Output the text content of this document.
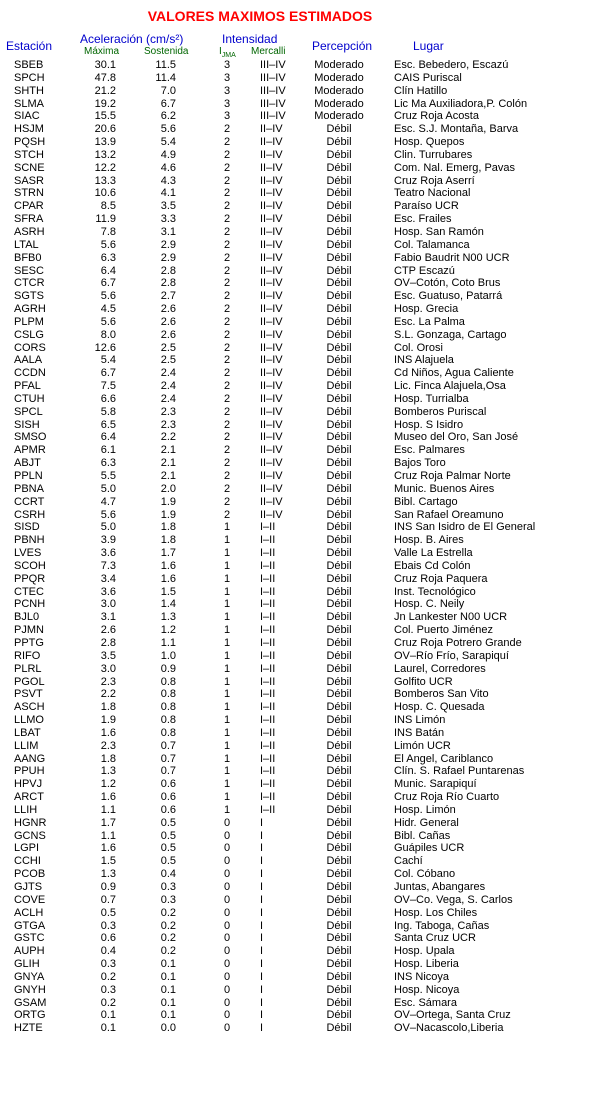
VALORES MAXIMOS ESTIMADOS
Estación Aceleración (cm/s²)
Máxima Sostenida
Intensidad
$I_{JMA}$ Mercalli Percepción	Lugar
SBEB	30.1	11.5	3	III–IV	Moderado	Esc. Bebedero, Escazú
SPCH	47.8	11.4	3	III–IV	Moderado	CAIS Puriscal
SHTH	21.2	7.0	3	III–IV	Moderado	Clín Hatillo
SLMA	19.2	6.7	3	III–IV	Moderado	Lic Ma Auxiliadora,P. Colón
SIAC	15.5	6.2	3	III–IV	Moderado	Cruz Roja Acosta
HSJM	20.6	5.6	2	II–IV	Débil	Esc. S.J. Montaña, Barva
PQSH	13.9	5.4	2	II–IV	Débil	Hosp. Quepos
STCH	13.2	4.9	2	II–IV	Débil	Clin. Turrubares
SCNE	12.2	4.6	2	II–IV	Débil	Com. Nal. Emerg, Pavas
SASR	13.3	4.3	2	II–IV	Débil	Cruz Roja Aserrí
STRN	10.6	4.1	2	II–IV	Débil	Teatro Nacional
CPAR	8.5	3.5	2	II–IV	Débil	Paraíso UCR
SFRA	11.9	3.3	2	II–IV	Débil	Esc. Frailes
ASRH	7.8	3.1	2	II–IV	Débil	Hosp. San Ramón
LTAL	5.6	2.9	2	II–IV	Débil	Col. Talamanca
BFB0	6.3	2.9	2	II–IV	Débil	Fabio Baudrit N00 UCR
SESC	6.4	2.8	2	II–IV	Débil	CTP Escazú
CTCR	6.7	2.8	2	II–IV	Débil	OV–Cotón, Coto Brus
SGTS	5.6	2.7	2	II–IV	Débil	Esc. Guatuso, Patarrá
AGRH	4.5	2.6	2	II–IV	Débil	Hosp. Grecia
PLPM	5.6	2.6	2	II–IV	Débil	Esc. La Palma
CSLG	8.0	2.6	2	II–IV	Débil	S.L. Gonzaga, Cartago
CORS	12.6	2.5	2	II–IV	Débil	Col. Orosi
AALA	5.4	2.5	2	II–IV	Débil	INS Alajuela
CCDN	6.7	2.4	2	II–IV	Débil	Cd Niños, Agua Caliente
PFAL	7.5	2.4	2	II–IV	Débil	Lic. Finca Alajuela,Osa
CTUH	6.6	2.4	2	II–IV	Débil	Hosp. Turrialba
SPCL	5.8	2.3	2	II–IV	Débil	Bomberos Puriscal
SISH	6.5	2.3	2	II–IV	Débil	Hosp. S Isidro
SMSO	6.4	2.2	2	II–IV	Débil	Museo del Oro, San José
APMR	6.1	2.1	2	II–IV	Débil	Esc. Palmares
ABJT	6.3	2.1	2	II–IV	Débil	Bajos Toro
PPLN	5.5	2.1	2	II–IV	Débil	Cruz Roja Palmar Norte
PBNA	5.0	2.0	2	II–IV	Débil	Munic. Buenos Aires
CCRT	4.7	1.9	2	II–IV	Débil	Bibl. Cartago
CSRH	5.6	1.9	2	II–IV	Débil	San Rafael Oreamuno
SISD	5.0	1.8	1	I–II	Débil	INS San Isidro de El General
PBNH	3.9	1.8	1	I–II	Débil	Hosp. B. Aires
LVES	3.6	1.7	1	I–II	Débil	Valle La Estrella
SCOH	7.3	1.6	1	I–II	Débil	Ebais Cd Colón
PPQR	3.4	1.6	1	I–II	Débil	Cruz Roja Paquera
CTEC	3.6	1.5	1	I–II	Débil	Inst. Tecnológico
PCNH	3.0	1.4	1	I–II	Débil	Hosp. C. Neily
BJL0	3.1	1.3	1	I–II	Débil	Jn Lankester N00 UCR
PJMN	2.6	1.2	1	I–II	Débil	Col. Puerto Jiménez
PPTG	2.8	1.1	1	I–II	Débil	Cruz Roja Potrero Grande
RIFO	3.5	1.0	1	I–II	Débil	OV–Río Frío, Sarapiquí
PLRL	3.0	0.9	1	I–II	Débil	Laurel, Corredores
PGOL	2.3	0.8	1	I–II	Débil	Golfito UCR
PSVT	2.2	0.8	1	I–II	Débil	Bomberos San Vito
ASCH	1.8	0.8	1	I–II	Débil	Hosp. C. Quesada
LLMO	1.9	0.8	1	I–II	Débil	INS Limón
LBAT	1.6	0.8	1	I–II	Débil	INS Batán
LLIM	2.3	0.7	1	I–II	Débil	Limón UCR
AANG	1.8	0.7	1	I–II	Débil	El Angel, Cariblanco
PPUH	1.3	0.7	1	I–II	Débil	Clín. S. Rafael Puntarenas
HPVJ	1.2	0.6	1	I–II	Débil	Munic. Sarapiquí
ARCT	1.6	0.6	1	I–II	Débil	Cruz Roja Río Cuarto
LLIH	1.1	0.6	1	I–II	Débil	Hosp. Limón
HGNR	1.7	0.5	0	I	Débil	Hidr. General
GCNS	1.1	0.5	0	I	Débil	Bibl. Cañas
LGPI	1.6	0.5	0	I	Débil	Guápiles UCR
CCHI	1.5	0.5	0	I	Débil	Cachí
PCOB	1.3	0.4	0	I	Débil	Col. Cóbano
GJTS	0.9	0.3	0	I	Débil	Juntas, Abangares
COVE	0.7	0.3	0	I	Débil	OV–Co. Vega, S. Carlos
ACLH	0.5	0.2	0	I	Débil	Hosp. Los Chiles
GTGA	0.3	0.2	0	I	Débil	Ing. Taboga, Cañas
GSTC	0.6	0.2	0	I	Débil	Santa Cruz UCR
AUPH	0.4	0.2	0	I	Débil	Hosp. Upala
GLIH	0.3	0.1	0	I	Débil	Hosp. Liberia
GNYA	0.2	0.1	0	I	Débil	INS Nicoya
GNYH	0.3	0.1	0	I	Débil	Hosp. Nicoya
GSAM	0.2	0.1	0	I	Débil	Esc. Sámara
ORTG	0.1	0.1	0	I	Débil	OV–Ortega, Santa Cruz
HZTE	0.1	0.0	0	I	Débil	OV–Nacascolo,Liberia
